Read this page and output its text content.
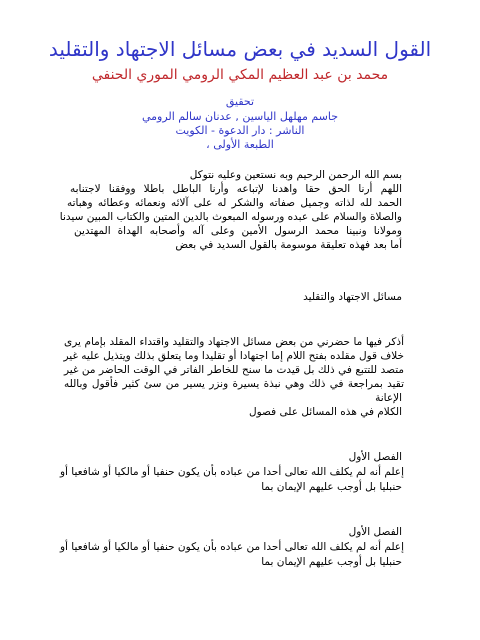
القول السديد في بعض مسائل الاجتهاد والتقليد
محمد بن عبد العظيم المكي الرومي الموري الحنفي
تحقيق
جاسم مهلهل الياسين , عدنان سالم الرومي
الناشر : دار الدعوة - الكويت
الطبعة الأولى ،
بسم الله الرحمن الرحيم وبه نستعين وعليه نتوكل
اللهم أرنا الحق حقا واهدنا لإتباعه وأرنا الباطل باطلا ووفقنا لاجتنابه
الحمد لله لذاته وجميل صفاته والشكر له على آلائه ونعمائه وعطائه وهباته
والصلاة والسلام على عبده ورسوله المبعوث بالدين المتين والكتاب المبين سيدنا
ومولانا ونبينا محمد الرسول الأمين وعلى آله وأصحابه الهداة المهتدين
أما بعد فهذه تعليقة موسومة بالقول السديد في بعض
مسائل الاجتهاد والتقليد
أذكر فيها ما حضرني من بعض مسائل الاجتهاد والتقليد واقتداء المقلد بإمام يرى
خلاف قول مقلده بفتح اللام إما اجتهادا أو تقليدا وما يتعلق بذلك ويتذيل عليه غير
متصد للتتبع في ذلك بل قيدت ما سنح للخاطر الفاتر في الوقت الحاضر من غير
تقيد بمراجعة في ذلك وهي نبذة يسيرة ونزر يسير من سئ كثير فأقول وبالله
الإعانة
الكلام في هذه المسائل على فصول
الفصل الأول
إعلم أنه لم يكلف الله تعالى أحدا من عباده بأن يكون حنفيا أو مالكيا أو شافعيا أو
حنبليا بل أوجب عليهم الإيمان بما
الفصل الأول
إعلم أنه لم يكلف الله تعالى أحدا من عباده بأن يكون حنفيا أو مالكيا أو شافعيا أو
حنبليا بل أوجب عليهم الإيمان بما
